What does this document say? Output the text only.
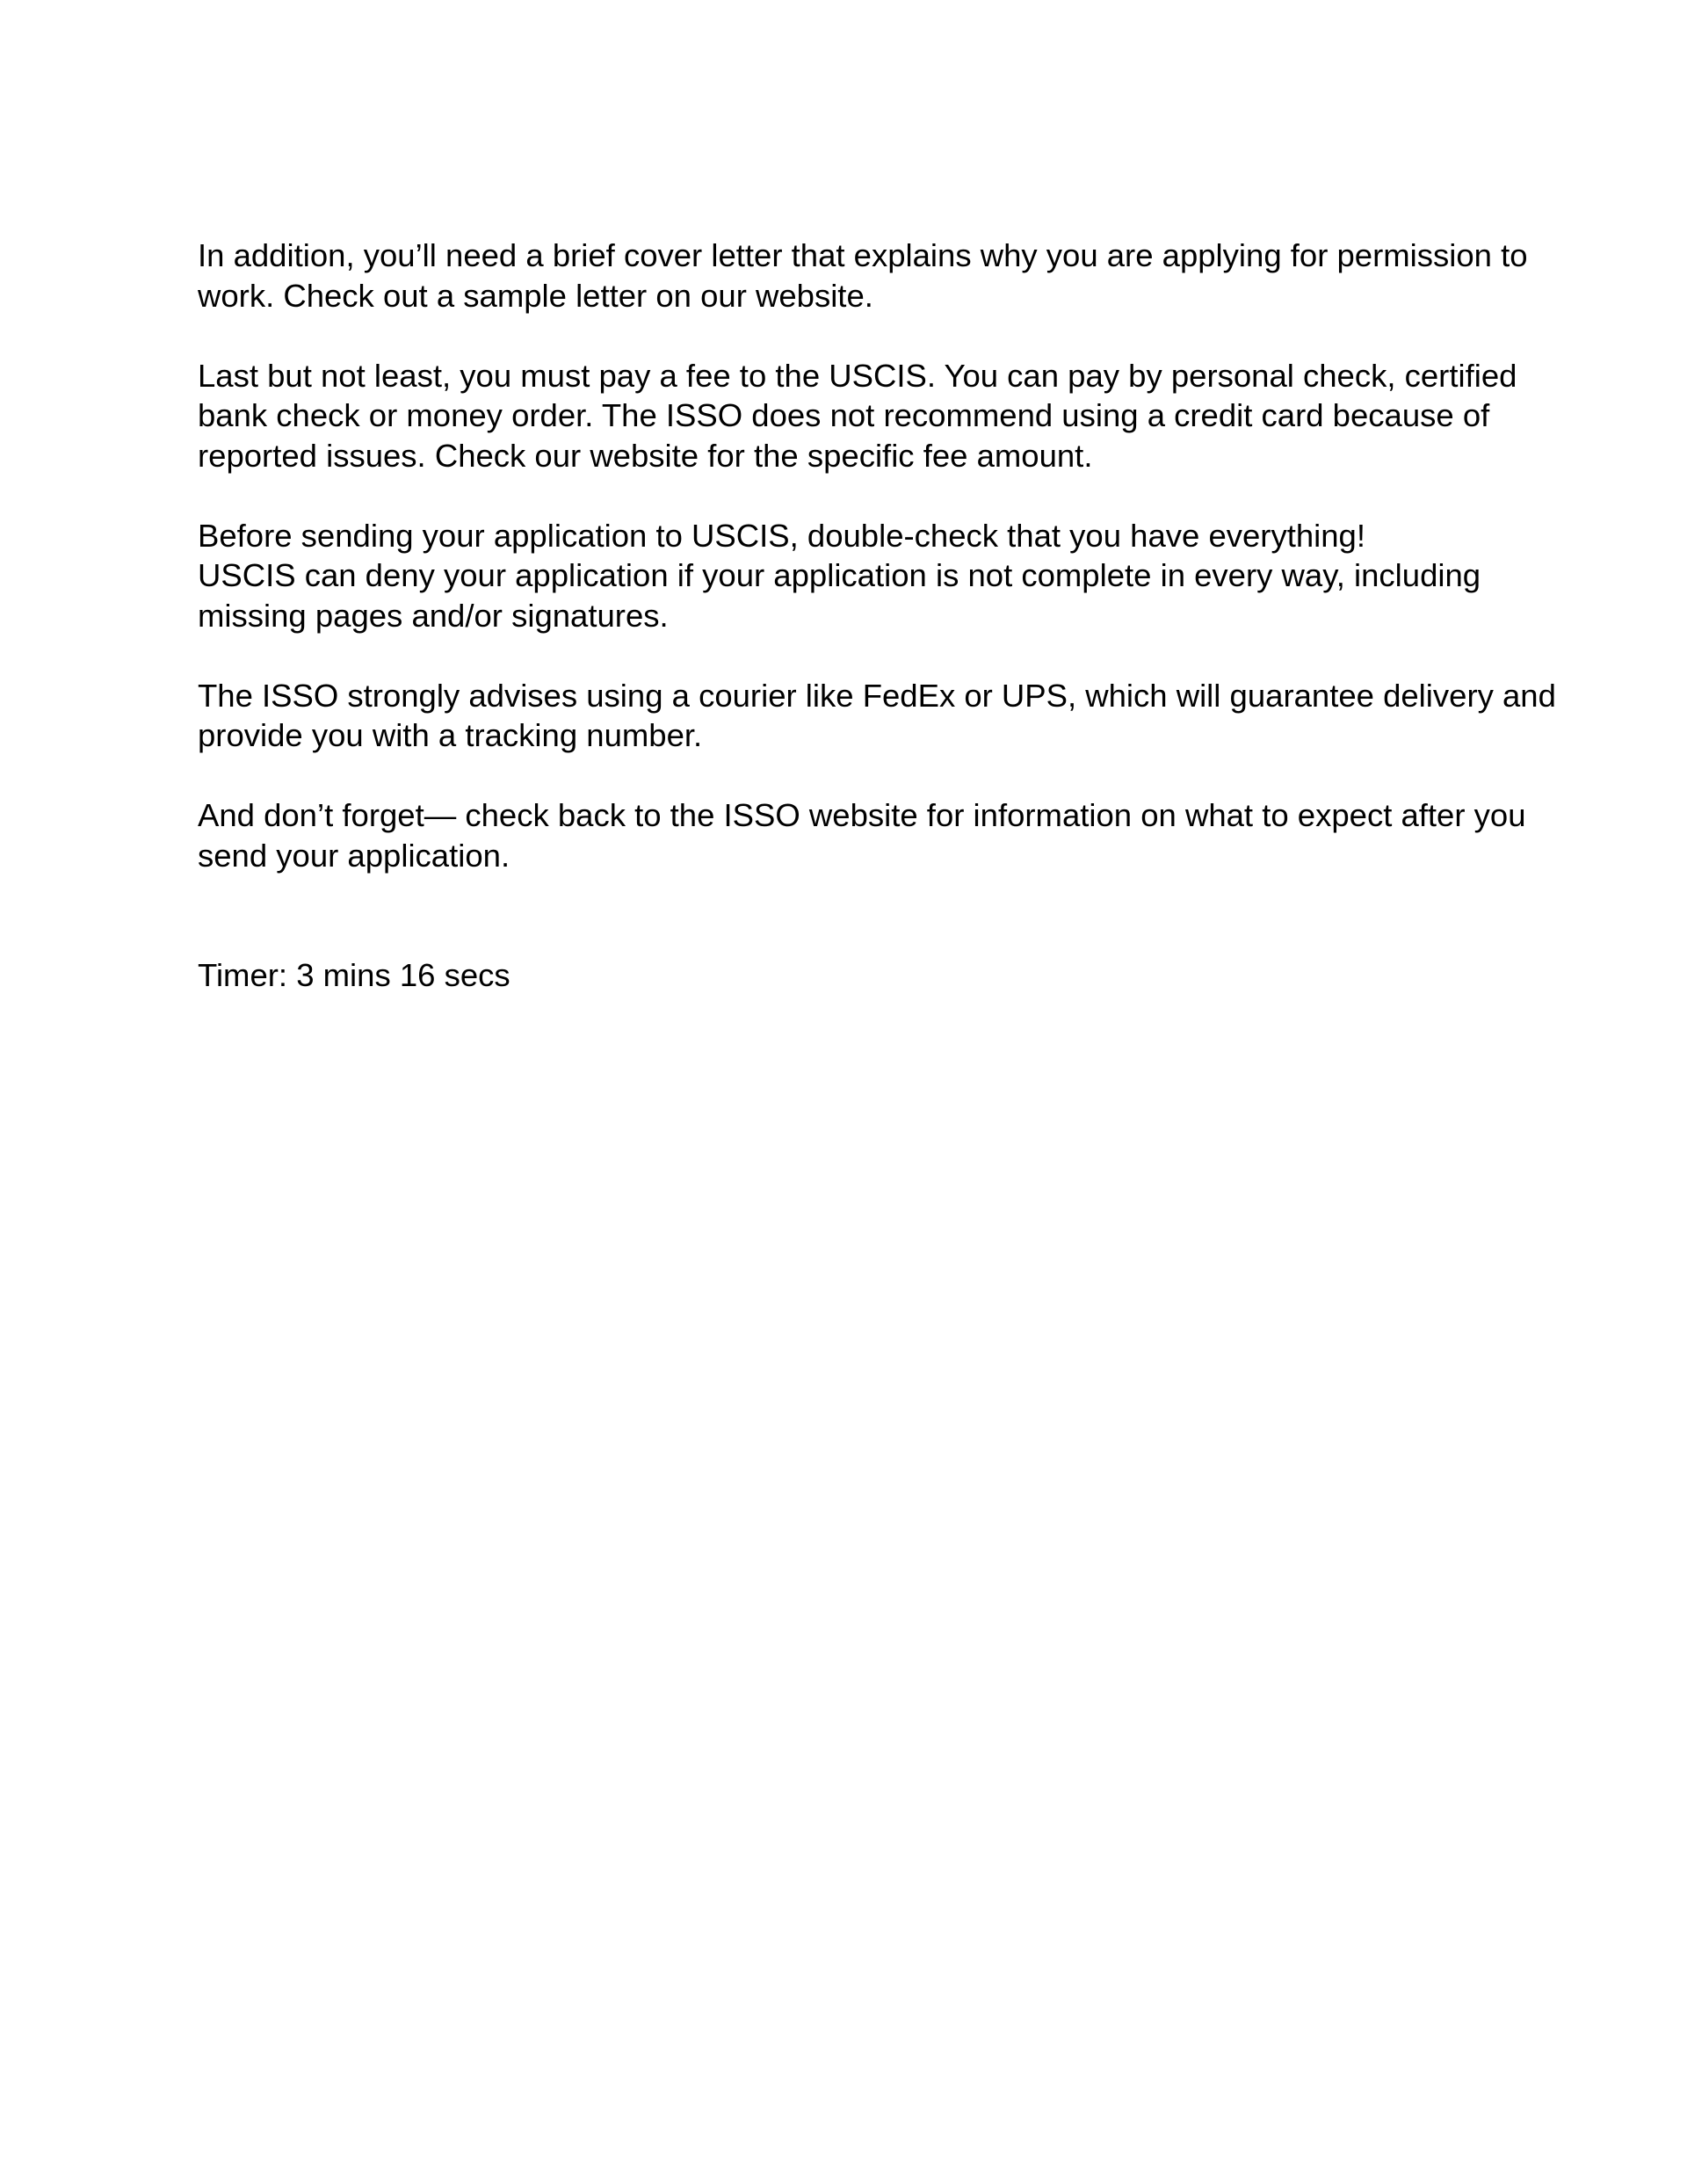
In addition, you’ll need a brief cover letter that explains why you are applying for permission to
work. Check out a sample letter on our website.

Last but not least, you must pay a fee to the USCIS. You can pay by personal check, certified
bank check or money order. The ISSO does not recommend using a credit card because of
reported issues. Check our website for the specific fee amount.

Before sending your application to USCIS, double-check that you have everything!
USCIS can deny your application if your application is not complete in every way, including
missing pages and/or signatures.

The ISSO strongly advises using a courier like FedEx or UPS, which will guarantee delivery and
provide you with a tracking number.

And don’t forget— check back to the ISSO website for information on what to expect after you
send your application.

Timer: 3 mins 16 secs
